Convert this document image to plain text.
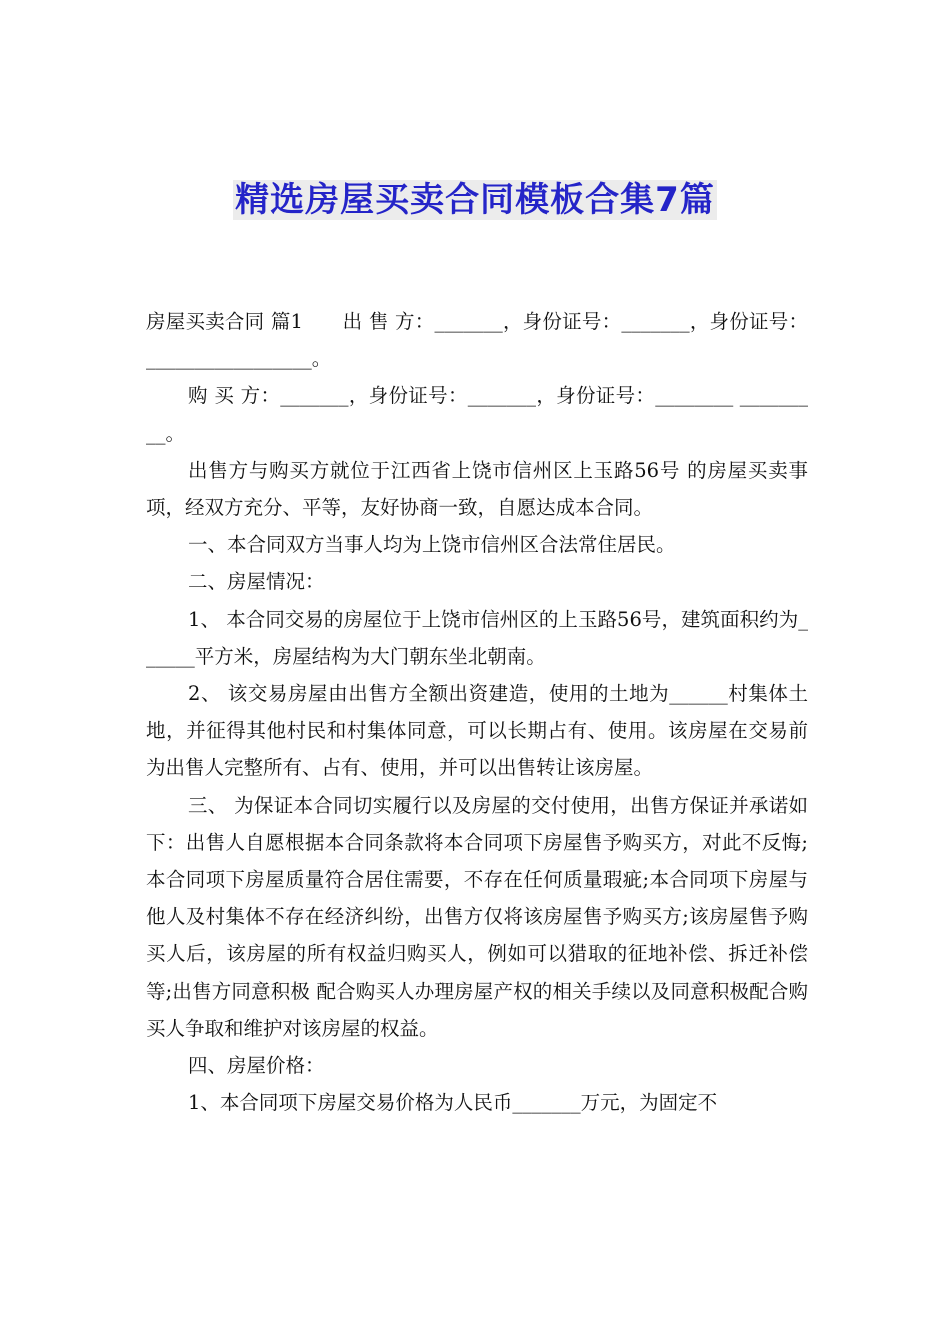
精选房屋买卖合同模板合集7篇

房屋买卖合同 篇1　　出 售 方：_______，身份证号：_______，身份证号：_________________。

购 买 方：_______，身份证号：_______，身份证号：________ _________。

出售方与购买方就位于江西省上饶市信州区上玉路56号 的房屋买卖事项，经双方充分、平等，友好协商一致，自愿达成本合同。

一、本合同双方当事人均为上饶市信州区合法常住居民。

二、房屋情况：

1、 本合同交易的房屋位于上饶市信州区的上玉路56号，建筑面积约为______平方米，房屋结构为大门朝东坐北朝南。

2、 该交易房屋由出售方全额出资建造，使用的土地为______村集体土地，并征得其他村民和村集体同意，可以长期占有、使用。该房屋在交易前为出售人完整所有、占有、使用，并可以出售转让该房屋。

三、 为保证本合同切实履行以及房屋的交付使用，出售方保证并承诺如下：出售人自愿根据本合同条款将本合同项下房屋售予购买方，对此不反悔;本合同项下房屋质量符合居住需要，不存在任何质量瑕疵;本合同项下房屋与他人及村集体不存在经济纠纷，出售方仅将该房屋售予购买方;该房屋售予购买人后，该房屋的所有权益归购买人，例如可以猎取的征地补偿、拆迁补偿等;出售方同意积极 配合购买人办理房屋产权的相关手续以及同意积极配合购买人争取和维护对该房屋的权益。

四、房屋价格：

1、本合同项下房屋交易价格为人民币_______万元，为固定不
